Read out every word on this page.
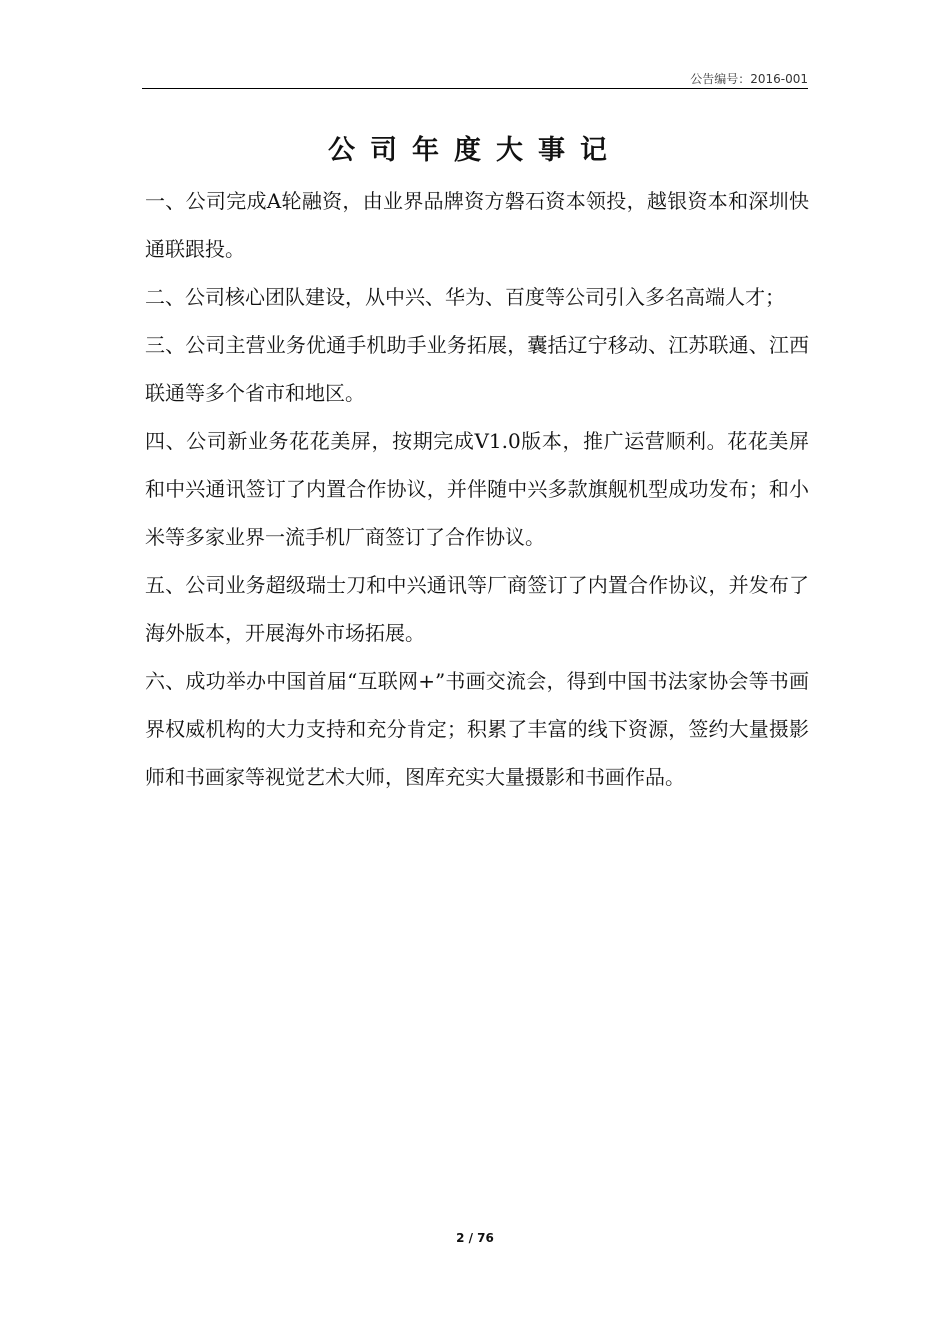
公告编号：2016-001
公司年度大事记

一、公司完成A轮融资，由业界品牌资方磐石资本领投，越银资本和深圳快通联跟投。

二、公司核心团队建设，从中兴、华为、百度等公司引入多名高端人才；

三、公司主营业务优通手机助手业务拓展，囊括辽宁移动、江苏联通、江西联通等多个省市和地区。

四、公司新业务花花美屏，按期完成V1.0版本，推广运营顺利。花花美屏和中兴通讯签订了内置合作协议，并伴随中兴多款旗舰机型成功发布；和小米等多家业界一流手机厂商签订了合作协议。

五、公司业务超级瑞士刀和中兴通讯等厂商签订了内置合作协议，并发布了海外版本，开展海外市场拓展。

六、成功举办中国首届“互联网+”书画交流会，得到中国书法家协会等书画界权威机构的大力支持和充分肯定；积累了丰富的线下资源，签约大量摄影师和书画家等视觉艺术大师，图库充实大量摄影和书画作品。

2 / 76
